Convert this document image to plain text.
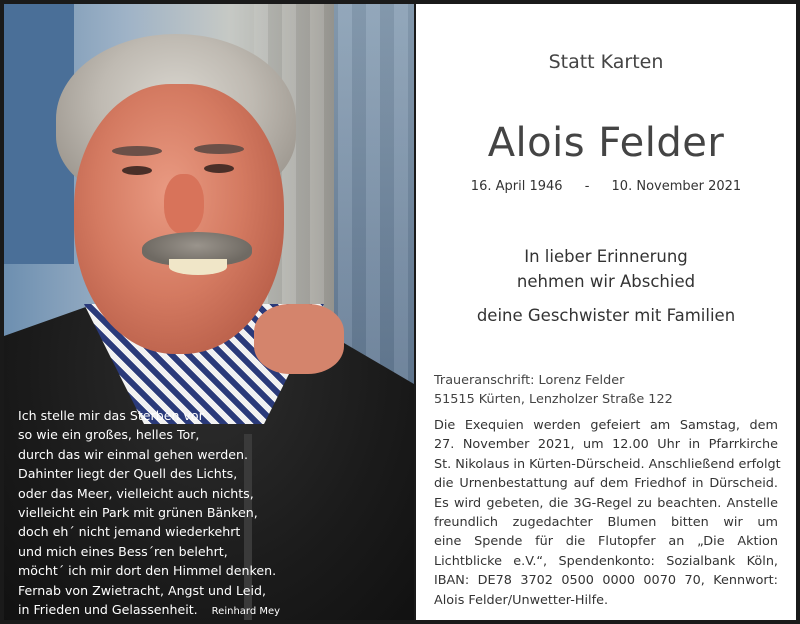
Ich stelle mir das Sterben vor
so wie ein großes, helles Tor,
durch das wir einmal gehen werden.
Dahinter liegt der Quell des Lichts,
oder das Meer, vielleicht auch nichts,
vielleicht ein Park mit grünen Bänken,
doch eh´ nicht jemand wiederkehrt
und mich eines Bess´ren belehrt,
möcht´ ich mir dort den Himmel denken.
Fernab von Zwietracht, Angst und Leid,
in Frieden und Gelassenheit. Reinhard Mey
Statt Karten
Alois Felder
16. April 1946 - 10. November 2021
In lieber Erinnerung
nehmen wir Abschied
deine Geschwister mit Familien
Traueranschrift: Lorenz Felder
51515 Kürten, Lenzholzer Straße 122
Die Exequien werden gefeiert am Samstag, dem
27. November 2021, um 12.00 Uhr in Pfarrkirche
St. Nikolaus in Kürten-Dürscheid. Anschließend erfolgt
die Urnenbestattung auf dem Friedhof in Dürscheid.
Es wird gebeten, die 3G-Regel zu beachten. Anstelle
freundlich zugedachter Blumen bitten wir um
eine Spende für die Flutopfer an „Die Aktion
Lichtblicke e.V.“, Spendenkonto: Sozialbank Köln,
IBAN: DE78 3702 0500 0000 0070 70, Kennwort:
Alois Felder/Unwetter-Hilfe.
